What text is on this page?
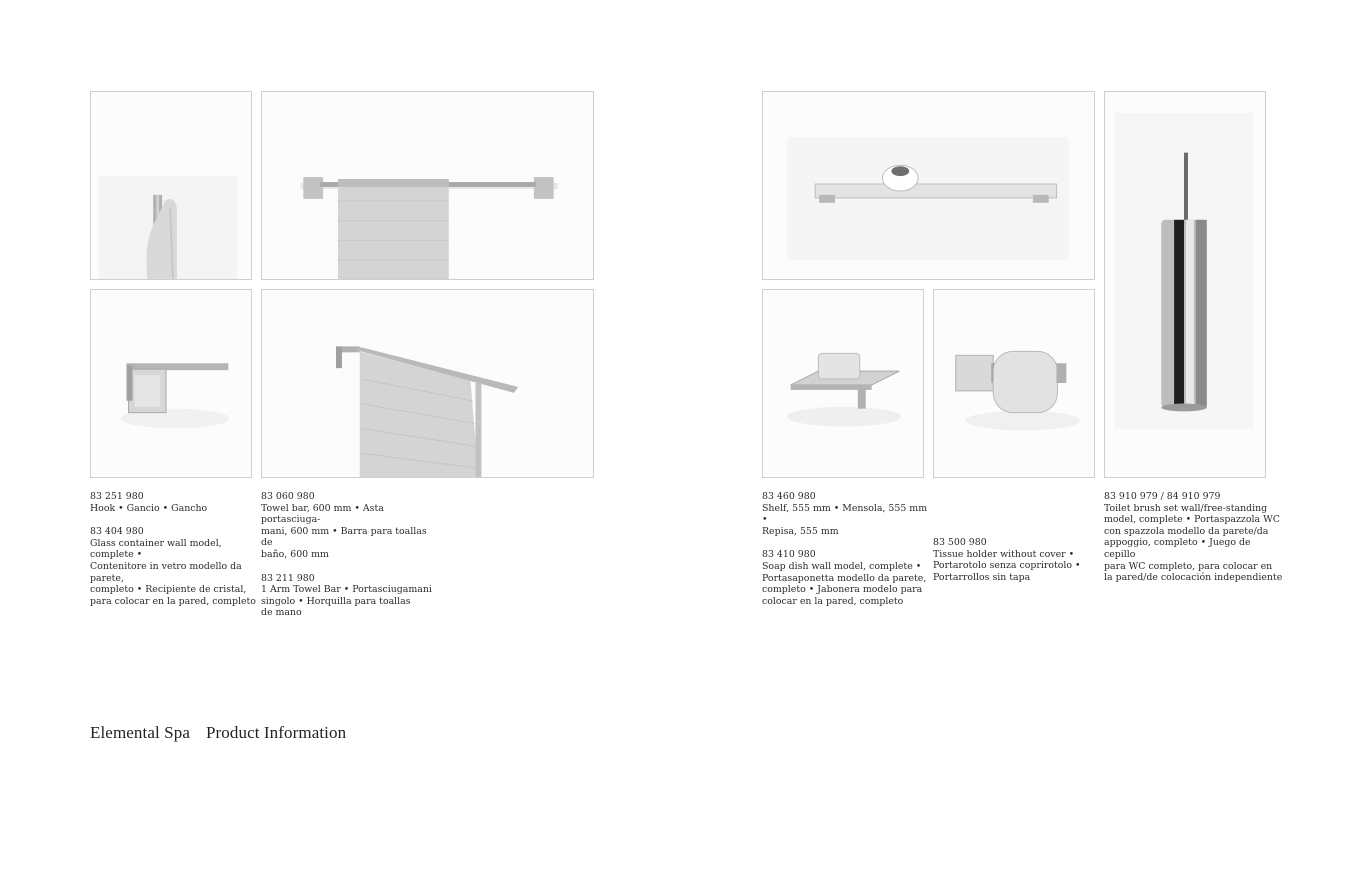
83 251 980
Hook • Gancio • Gancho
83 404 980
Glass container wall model, complete •
Contenitore in vetro modello da parete,
completo • Recipiente de cristal,
para colocar en la pared, completo
83 060 980
Towel bar, 600 mm • Asta portasciuga-
mani, 600 mm • Barra para toallas de
baño, 600 mm
83 211 980
1 Arm Towel Bar • Portasciugamani
singolo • Horquilla para toallas
de mano
83 460 980
Shelf, 555 mm • Mensola, 555 mm •
Repisa, 555 mm
83 410 980
Soap dish wall model, complete •
Portasaponetta modello da parete,
completo • Jabonera modelo para
colocar en la pared, completo
83 500 980
Tissue holder without cover •
Portarotolo senza coprirotolo •
Portarrollos sin tapa
83 910 979 / 84 910 979
Toilet brush set wall/free-standing
model, complete • Portaspazzola WC
con spazzola modello da parete/da
appoggio, completo • Juego de cepillo
para WC completo, para colocar en
la pared/de colocación independiente
Elemental Spa Product Information
